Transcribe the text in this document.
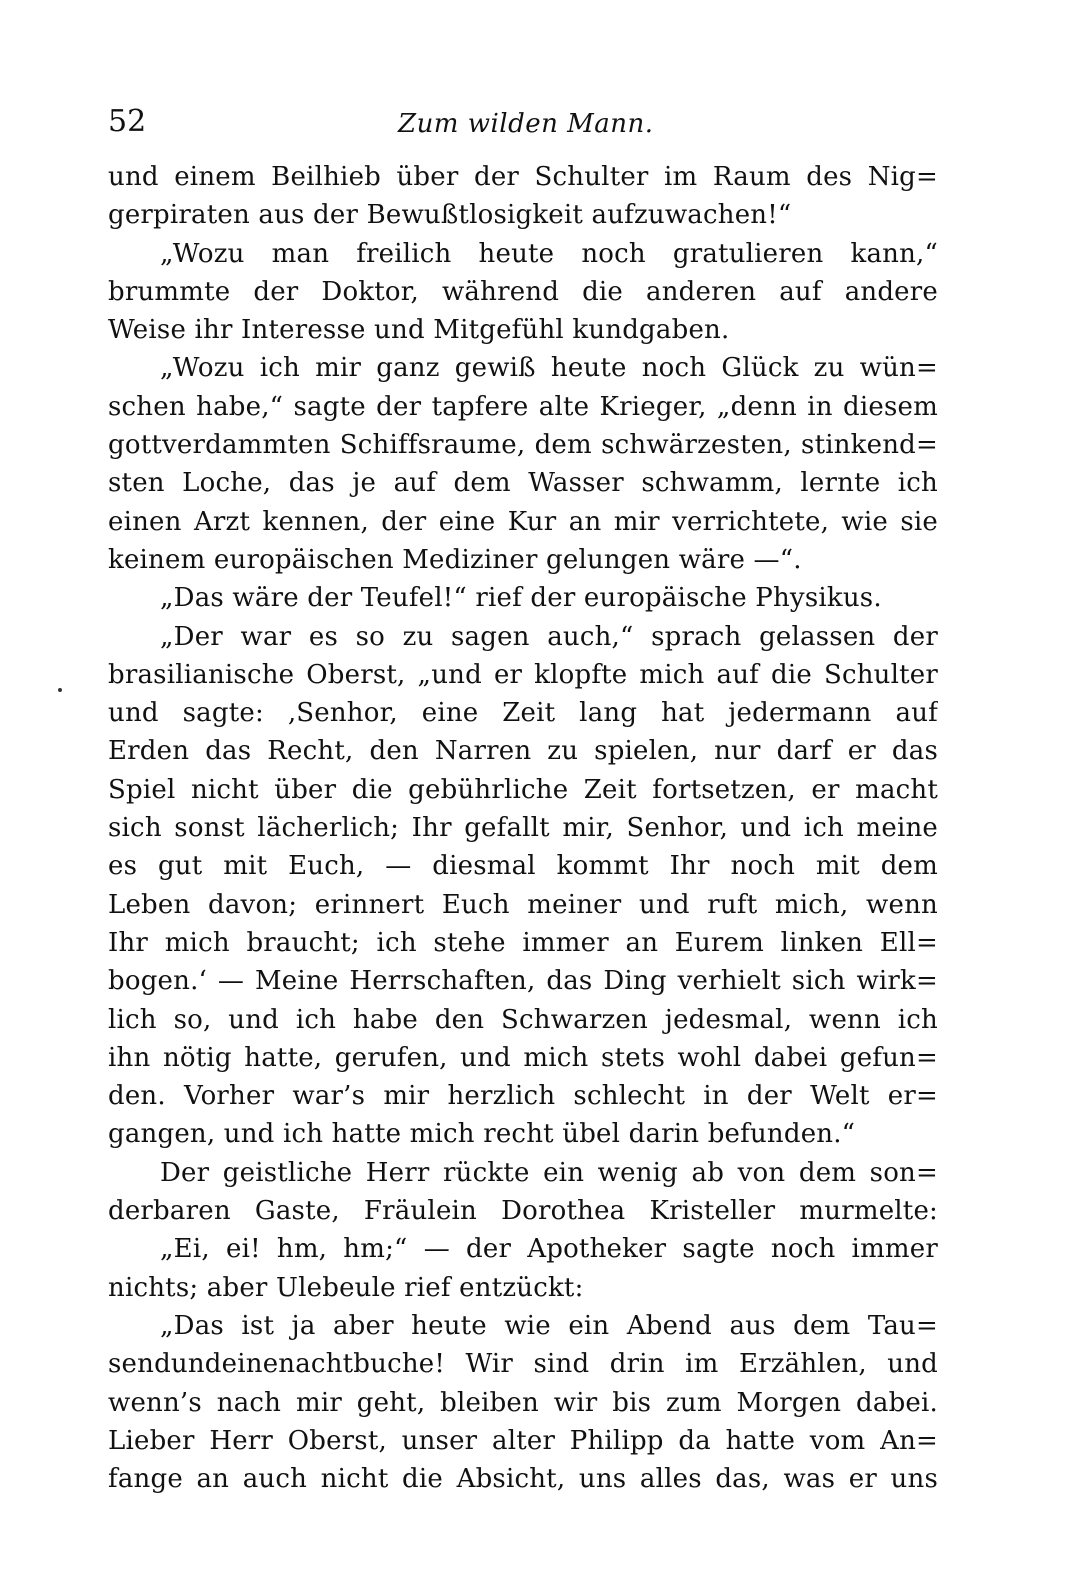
52	Zum wilden Mann.
und einem Beilhieb über der Schulter im Raum des Nig=
gerpiraten aus der Bewußtlosigkeit aufzuwachen!“
„Wozu man freilich heute noch gratulieren kann,“
brummte der Doktor, während die anderen auf andere
Weise ihr Interesse und Mitgefühl kundgaben.
„Wozu ich mir ganz gewiß heute noch Glück zu wün=
schen habe,“ sagte der tapfere alte Krieger, „denn in diesem
gottverdammten Schiffsraume, dem schwärzesten, stinkend=
sten Loche, das je auf dem Wasser schwamm, lernte ich
einen Arzt kennen, der eine Kur an mir verrichtete, wie sie
keinem europäischen Mediziner gelungen wäre —“.
„Das wäre der Teufel!“ rief der europäische Physikus.
„Der war es so zu sagen auch,“ sprach gelassen der
brasilianische Oberst, „und er klopfte mich auf die Schulter
und sagte: ‚Senhor, eine Zeit lang hat jedermann auf
Erden das Recht, den Narren zu spielen, nur darf er das
Spiel nicht über die gebührliche Zeit fortsetzen, er macht
sich sonst lächerlich; Ihr gefallt mir, Senhor, und ich meine
es gut mit Euch, — diesmal kommt Ihr noch mit dem
Leben davon; erinnert Euch meiner und ruft mich, wenn
Ihr mich braucht; ich stehe immer an Eurem linken Ell=
bogen.‘ — Meine Herrschaften, das Ding verhielt sich wirk=
lich so, und ich habe den Schwarzen jedesmal, wenn ich
ihn nötig hatte, gerufen, und mich stets wohl dabei gefun=
den. Vorher war’s mir herzlich schlecht in der Welt er=
gangen, und ich hatte mich recht übel darin befunden.“
Der geistliche Herr rückte ein wenig ab von dem son=
derbaren Gaste, Fräulein Dorothea Kristeller murmelte:
„Ei, ei! hm, hm;“ — der Apotheker sagte noch immer
nichts; aber Ulebeule rief entzückt:
„Das ist ja aber heute wie ein Abend aus dem Tau=
sendundeinenachtbuche! Wir sind drin im Erzählen, und
wenn’s nach mir geht, bleiben wir bis zum Morgen dabei.
Lieber Herr Oberst, unser alter Philipp da hatte vom An=
fange an auch nicht die Absicht, uns alles das, was er uns
